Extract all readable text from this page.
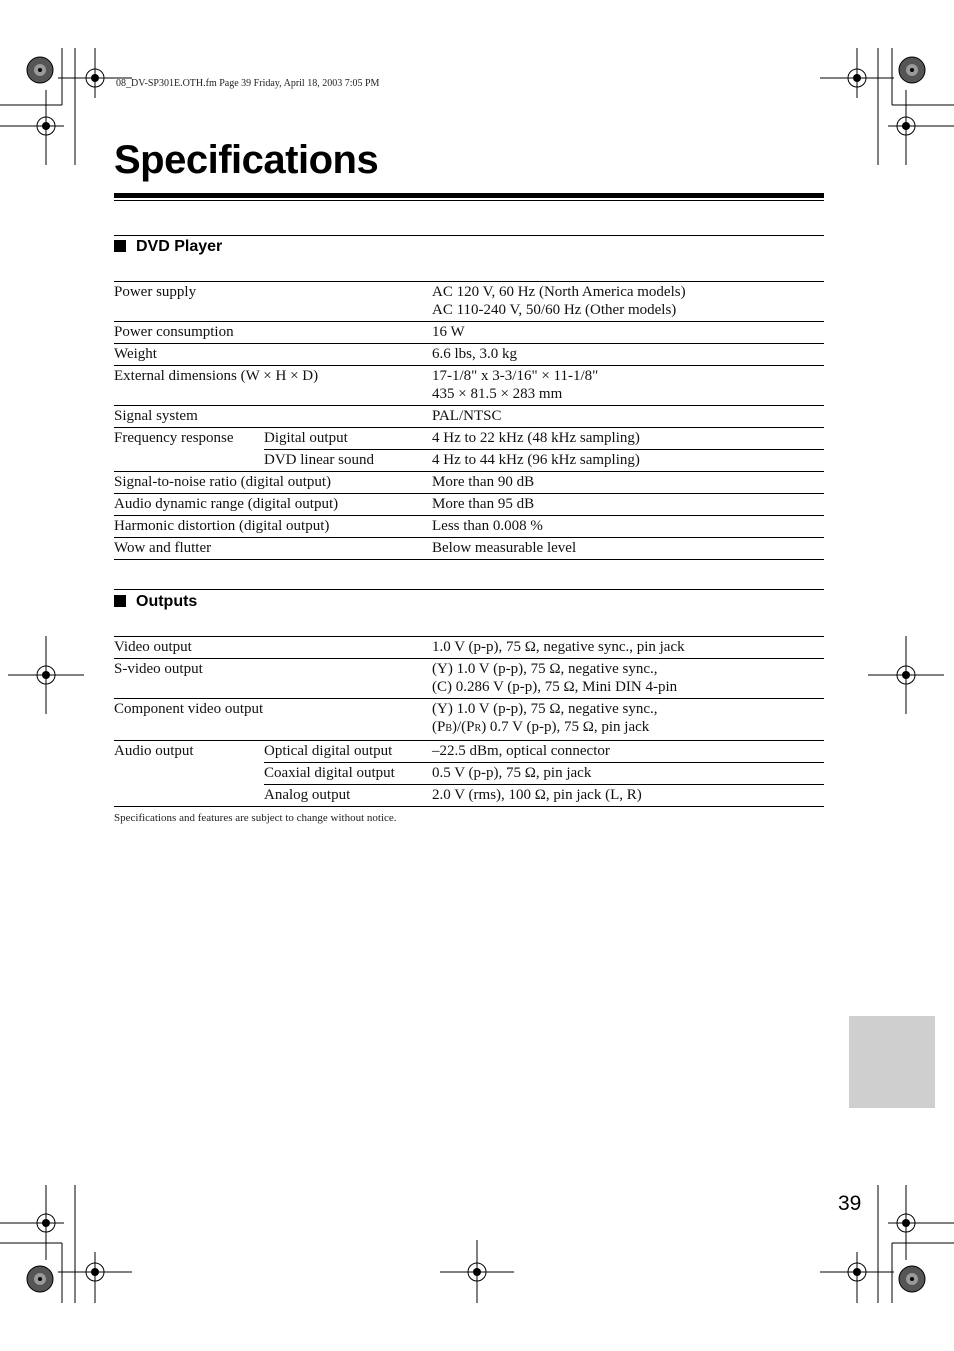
08_DV-SP301E.OTH.fm Page 39 Friday, April 18, 2003 7:05 PM
Specifications
DVD Player
Power supply		AC 120 V, 60 Hz (North America models)
AC 110-240 V, 50/60 Hz (Other models)

Power consumption		16 W
Weight		6.6 lbs, 3.0 kg
External dimensions (W × H × D)		17-1/8" x 3-3/16" × 11-1/8"
435 × 81.5 × 283 mm

Signal system		PAL/NTSC
Frequency response	Digital output	4 Hz to 22 kHz (48 kHz sampling)
	DVD linear sound	4 Hz to 44 kHz (96 kHz sampling)
Signal-to-noise ratio (digital output)		More than 90 dB
Audio dynamic range (digital output)		More than 95 dB
Harmonic distortion (digital output)		Less than 0.008 %
Wow and flutter		Below measurable level
Outputs
Video output		1.0 V (p-p), 75 Ω, negative sync., pin jack
S-video output		(Y) 1.0 V (p-p), 75 Ω, negative sync.,
(C) 0.286 V (p-p), 75 Ω, Mini DIN 4-pin

Component video output		(Y) 1.0 V (p-p), 75 Ω, negative sync.,
(PB)/(PR) 0.7 V (p-p), 75 Ω, pin jack

Audio output	Optical digital output	–22.5 dBm, optical connector
	Coaxial digital output	0.5 V (p-p), 75 Ω, pin jack
	Analog output	2.0 V (rms), 100 Ω, pin jack (L, R)
Specifications and features are subject to change without notice.
39
